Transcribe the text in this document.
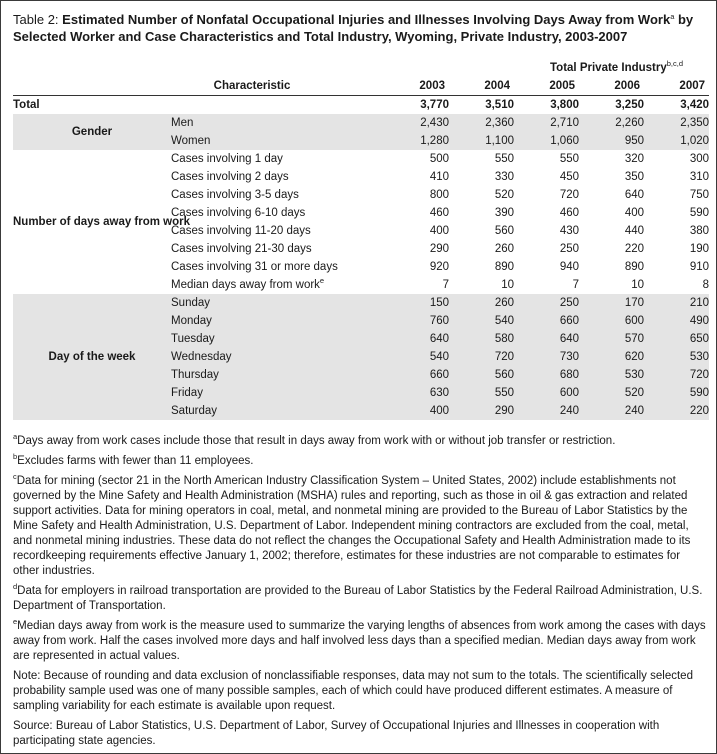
Table 2: Estimated Number of Nonfatal Occupational Injuries and Illnesses Involving Days Away from Work$^a$ by Selected Worker and Case Characteristics and Total Industry, Wyoming, Private Industry, 2003-2007
		Total Private Industry$^{b,c,d}$
Characteristic		2003	2004	2005	2006	2007
Total		3,770	3,510	3,800	3,250	3,420
Gender	Men	2,430	2,360	2,710	2,260	2,350
	Women	1,280	1,100	1,060	950	1,020
Number of days away from work	Cases involving 1 day	500	550	550	320	300
	Cases involving 2 days	410	330	450	350	310
	Cases involving 3-5 days	800	520	720	640	750
	Cases involving 6-10 days	460	390	460	400	590
	Cases involving 11-20 days	400	560	430	440	380
	Cases involving 21-30 days	290	260	250	220	190
	Cases involving 31 or more days	920	890	940	890	910
	Median days away from work$^e$	7	10	7	10	8
Day of the week	Sunday	150	260	250	170	210
	Monday	760	540	660	600	490
	Tuesday	640	580	640	570	650
	Wednesday	540	720	730	620	530
	Thursday	660	560	680	530	720
	Friday	630	550	600	520	590
	Saturday	400	290	240	240	220

$^a$Days away from work cases include those that result in days away from work with or without job transfer or restriction.

$^b$Excludes farms with fewer than 11 employees.

$^c$Data for mining (sector 21 in the North American Industry Classification System – United States, 2002) include establishments not governed by the Mine Safety and Health Administration (MSHA) rules and reporting, such as those in oil & gas extraction and related support activities. Data for mining operators in coal, metal, and nonmetal mining are provided to the Bureau of Labor Statistics by the Mine Safety and Health Administration, U.S. Department of Labor. Independent mining contractors are excluded from the coal, metal, and nonmetal mining industries. These data do not reflect the changes the Occupational Safety and Health Administration made to its recordkeeping requirements effective January 1, 2002; therefore, estimates for these industries are not comparable to estimates for other industries.

$^d$Data for employers in railroad transportation are provided to the Bureau of Labor Statistics by the Federal Railroad Administration, U.S. Department of Transportation.

$^e$Median days away from work is the measure used to summarize the varying lengths of absences from work among the cases with days away from work. Half the cases involved more days and half involved less days than a specified median. Median days away from work are represented in actual values.

Note: Because of rounding and data exclusion of nonclassifiable responses, data may not sum to the totals. The scientifically selected probability sample used was one of many possible samples, each of which could have produced different estimates. A measure of sampling variability for each estimate is available upon request.

Source: Bureau of Labor Statistics, U.S. Department of Labor, Survey of Occupational Injuries and Illnesses in cooperation with participating state agencies.
